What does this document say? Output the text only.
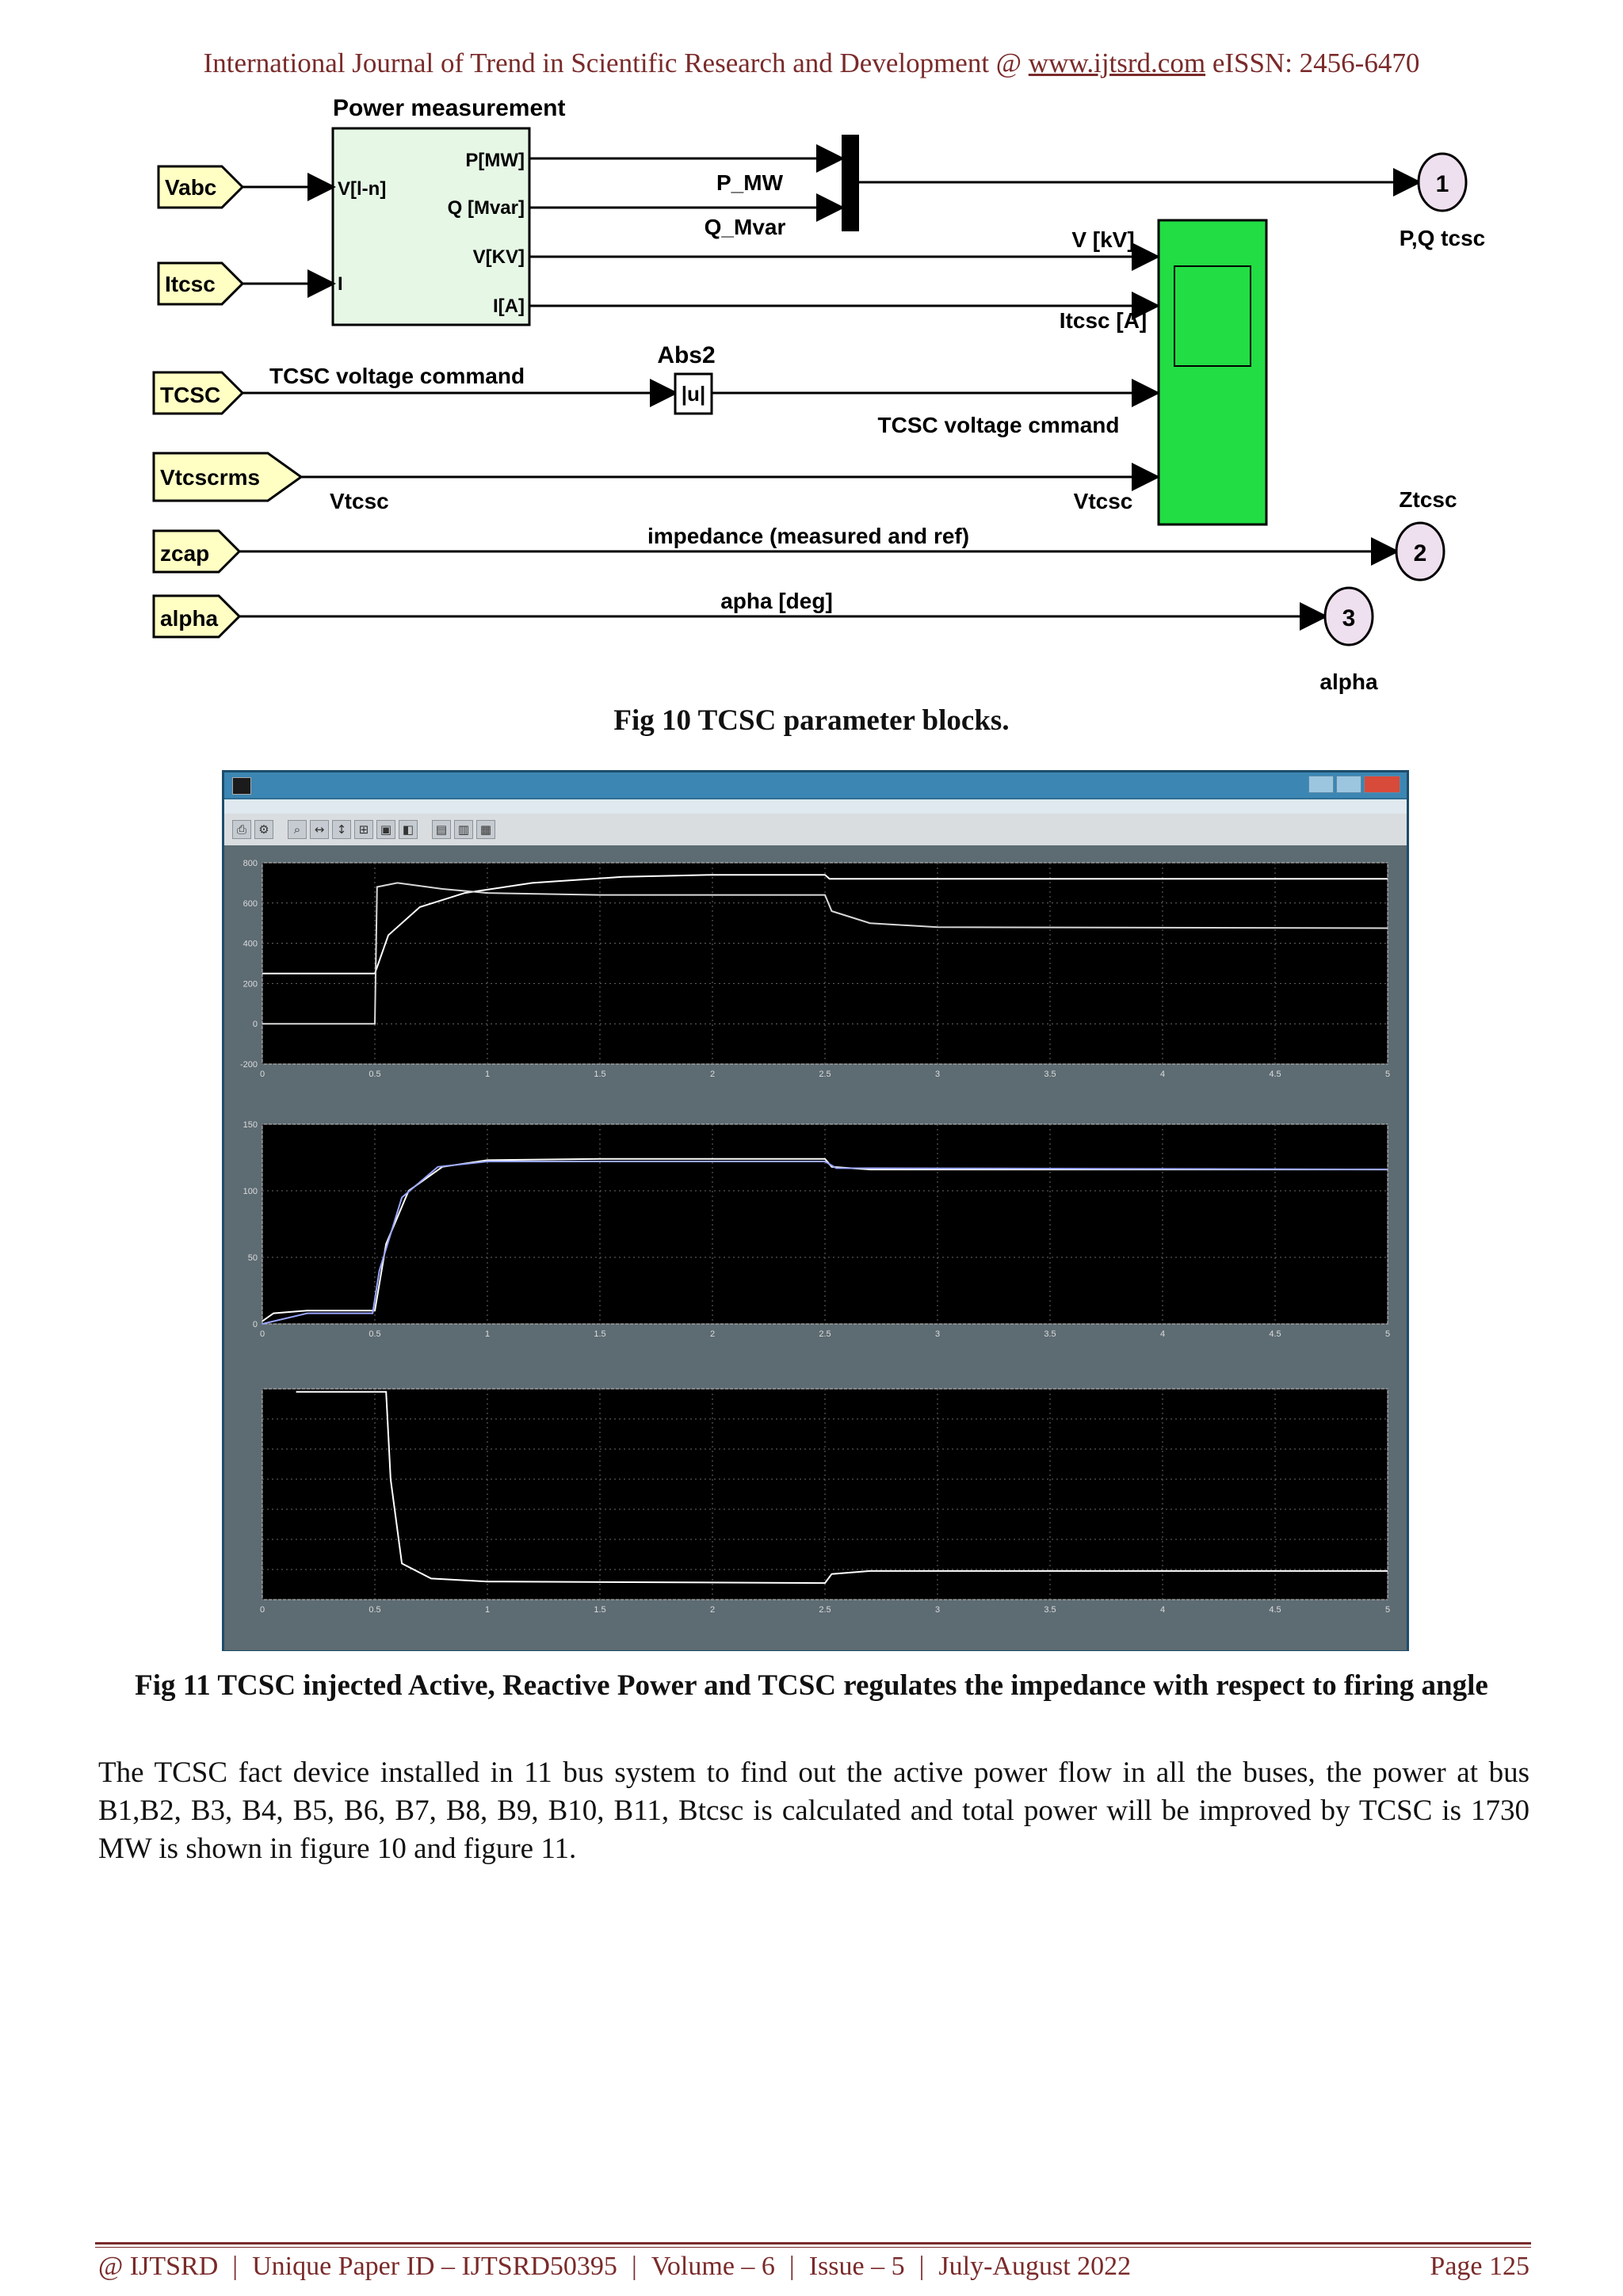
International Journal of Trend in Scientific Research and Development @ www.ijtsrd.com eISSN: 2456-6470
Power measurement
V[l-n]
I
P[MW]
Q [Mvar]
V[KV]
I[A]
Vabc
Itcsc
TCSC
Vtcscrms
zcap
alpha
P_MW
Q_Mvar
V [kV]
Itcsc [A]
TCSC voltage command
Abs2
|u|
TCSC voltage cmmand
Vtcsc	Vtcsc
impedance (measured and ref)
apha [deg]
1
P,Q tcsc
2
Ztcsc
3
alpha
Fig 10 TCSC parameter blocks.
⎙	⚙	⌕	↔	↕	⊞ ▣ ◧	▤ ▥ ▦
0	0.5	1	1.5	2	2.5	3	3.5	4	4.5	5
-200
0
200
400
600
800
0	0.5	1	1.5	2	2.5	3	3.5	4	4.5	5
0
50
100
150
0	0.5	1	1.5	2	2.5	3	3.5	4	4.5	5
Fig 11 TCSC injected Active, Reactive Power and TCSC regulates the impedance with respect to firing angle
The TCSC fact device installed in 11 bus system to find out the active power flow in all the buses, the power at bus B1,B2, B3, B4, B5, B6, B7, B8, B9, B10, B11, Btcsc is calculated and total power will be improved by TCSC is 1730 MW is shown in figure 10 and figure 11.
@ IJTSRD | Unique Paper ID – IJTSRD50395 | Volume – 6 | Issue – 5 | July-August 2022	Page 125
